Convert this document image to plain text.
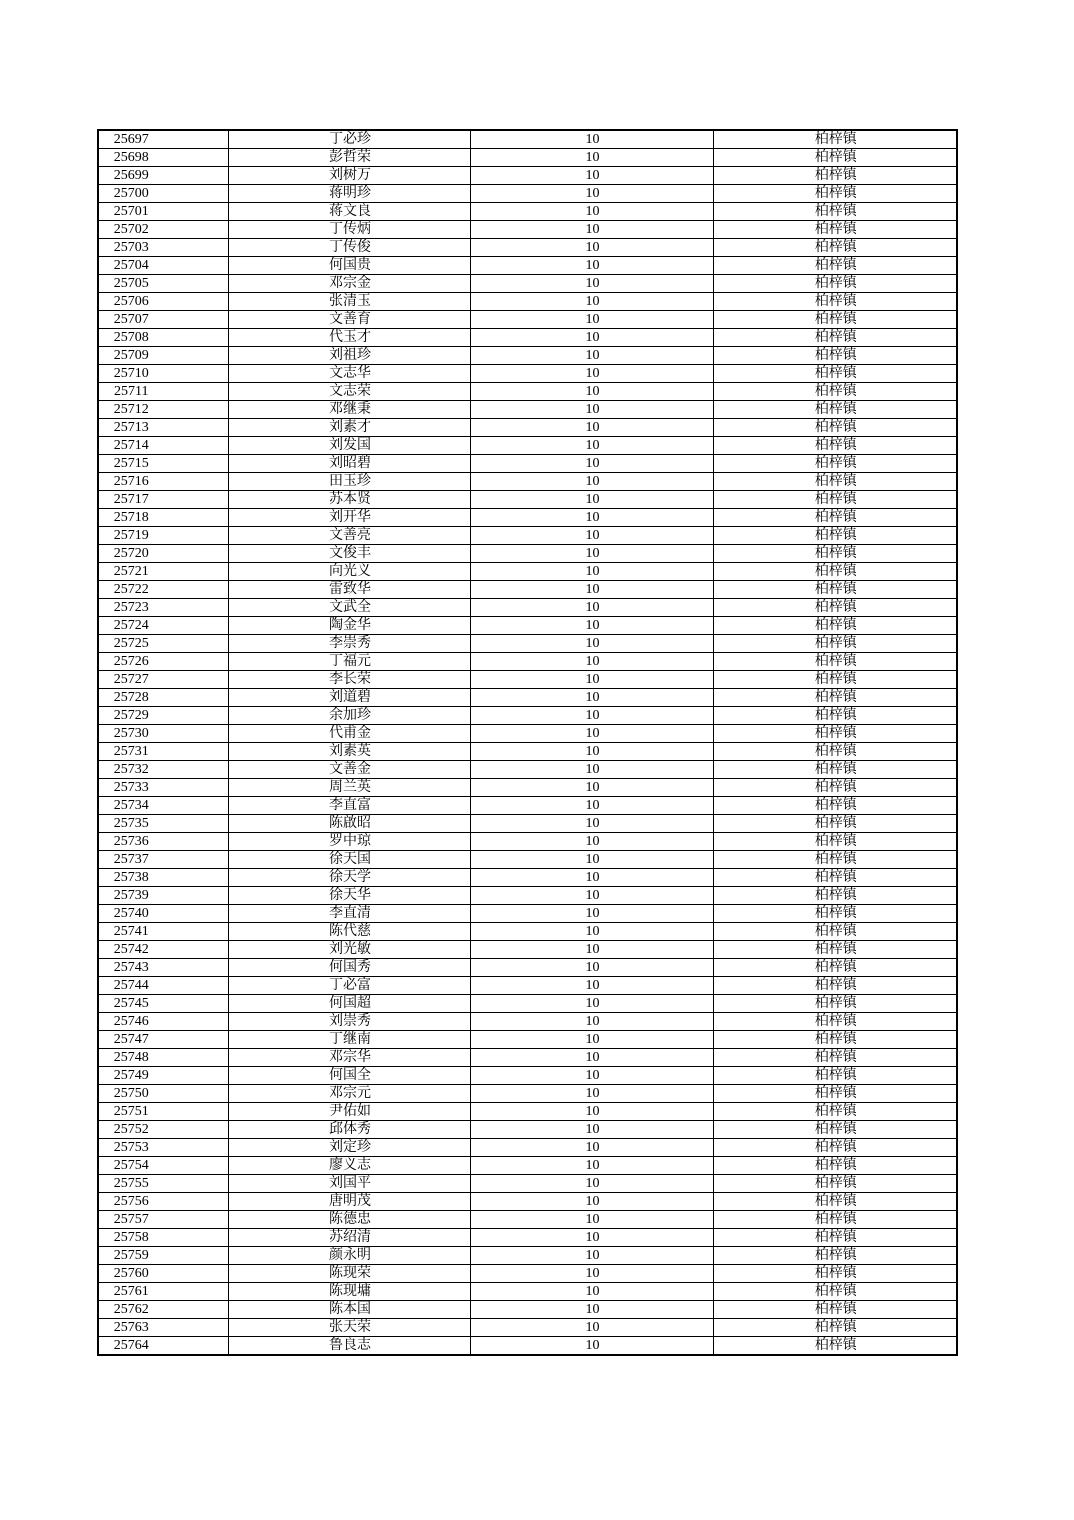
25697	丁必珍	10	柏梓镇
25698	彭哲荣	10	柏梓镇
25699	刘树万	10	柏梓镇
25700	蒋明珍	10	柏梓镇
25701	蒋文良	10	柏梓镇
25702	丁传炳	10	柏梓镇
25703	丁传俊	10	柏梓镇
25704	何国贵	10	柏梓镇
25705	邓宗金	10	柏梓镇
25706	张清玉	10	柏梓镇
25707	文善育	10	柏梓镇
25708	代玉才	10	柏梓镇
25709	刘祖珍	10	柏梓镇
25710	文志华	10	柏梓镇
25711	文志荣	10	柏梓镇
25712	邓继秉	10	柏梓镇
25713	刘素才	10	柏梓镇
25714	刘发国	10	柏梓镇
25715	刘昭碧	10	柏梓镇
25716	田玉珍	10	柏梓镇
25717	苏本贤	10	柏梓镇
25718	刘开华	10	柏梓镇
25719	文善亮	10	柏梓镇
25720	文俊丰	10	柏梓镇
25721	向光义	10	柏梓镇
25722	雷致华	10	柏梓镇
25723	文武全	10	柏梓镇
25724	陶金华	10	柏梓镇
25725	李崇秀	10	柏梓镇
25726	丁福元	10	柏梓镇
25727	李长荣	10	柏梓镇
25728	刘道碧	10	柏梓镇
25729	余加珍	10	柏梓镇
25730	代甫金	10	柏梓镇
25731	刘素英	10	柏梓镇
25732	文善金	10	柏梓镇
25733	周兰英	10	柏梓镇
25734	李直富	10	柏梓镇
25735	陈啟昭	10	柏梓镇
25736	罗中琼	10	柏梓镇
25737	徐天国	10	柏梓镇
25738	徐天学	10	柏梓镇
25739	徐天华	10	柏梓镇
25740	李直清	10	柏梓镇
25741	陈代慈	10	柏梓镇
25742	刘光敏	10	柏梓镇
25743	何国秀	10	柏梓镇
25744	丁必富	10	柏梓镇
25745	何国超	10	柏梓镇
25746	刘崇秀	10	柏梓镇
25747	丁继南	10	柏梓镇
25748	邓宗华	10	柏梓镇
25749	何国全	10	柏梓镇
25750	邓宗元	10	柏梓镇
25751	尹佑如	10	柏梓镇
25752	邱体秀	10	柏梓镇
25753	刘定珍	10	柏梓镇
25754	廖义志	10	柏梓镇
25755	刘国平	10	柏梓镇
25756	唐明茂	10	柏梓镇
25757	陈德忠	10	柏梓镇
25758	苏绍清	10	柏梓镇
25759	颜永明	10	柏梓镇
25760	陈现荣	10	柏梓镇
25761	陈现墉	10	柏梓镇
25762	陈本国	10	柏梓镇
25763	张天荣	10	柏梓镇
25764	鲁良志	10	柏梓镇
